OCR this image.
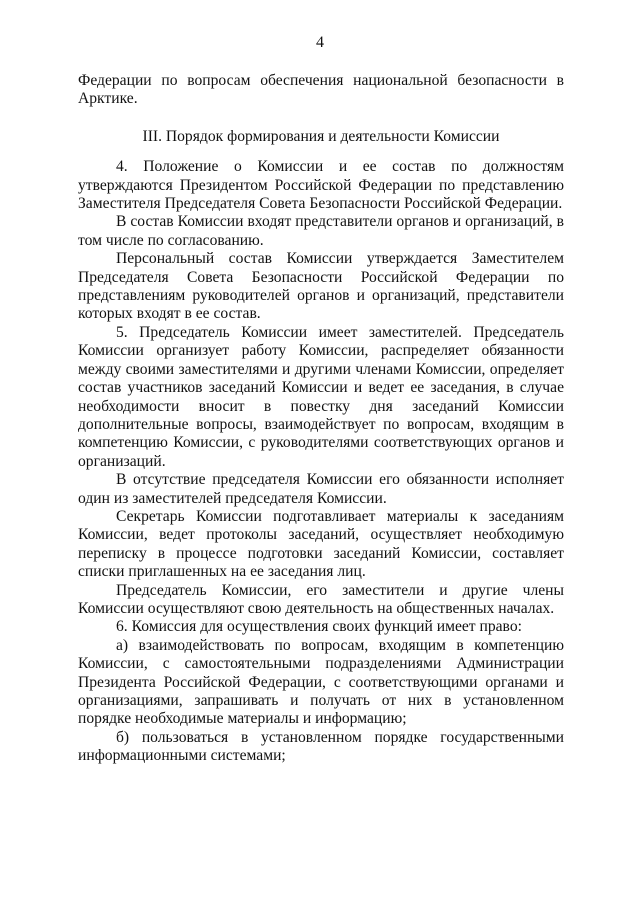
4

Федерации по вопросам обеспечения национальной безопасности в Арктике.

III. Порядок формирования и деятельности Комиссии

4. Положение о Комиссии и ее состав по должностям утверждаются Президентом Российской Федерации по представлению Заместителя Председателя Совета Безопасности Российской Федерации.

В состав Комиссии входят представители органов и организаций, в том числе по согласованию.

Персональный состав Комиссии утверждается Заместителем Председателя Совета Безопасности Российской Федерации по представлениям руководителей органов и организаций, представители которых входят в ее состав.

5. Председатель Комиссии имеет заместителей. Председатель Комиссии организует работу Комиссии, распределяет обязанности между своими заместителями и другими членами Комиссии, определяет состав участников заседаний Комиссии и ведет ее заседания, в случае необходимости вносит в повестку дня заседаний Комиссии дополнительные вопросы, взаимодействует по вопросам, входящим в компетенцию Комиссии, с руководителями соответствующих органов и организаций.

В отсутствие председателя Комиссии его обязанности исполняет один из заместителей председателя Комиссии.

Секретарь Комиссии подготавливает материалы к заседаниям Комиссии, ведет протоколы заседаний, осуществляет необходимую переписку в процессе подготовки заседаний Комиссии, составляет списки приглашенных на ее заседания лиц.

Председатель Комиссии, его заместители и другие члены Комиссии осуществляют свою деятельность на общественных началах.

6. Комиссия для осуществления своих функций имеет право:

а) взаимодействовать по вопросам, входящим в компетенцию Комиссии, с самостоятельными подразделениями Администрации Президента Российской Федерации, с соответствующими органами и организациями, запрашивать и получать от них в установленном порядке необходимые материалы и информацию;

б) пользоваться в установленном порядке государственными информационными системами;
